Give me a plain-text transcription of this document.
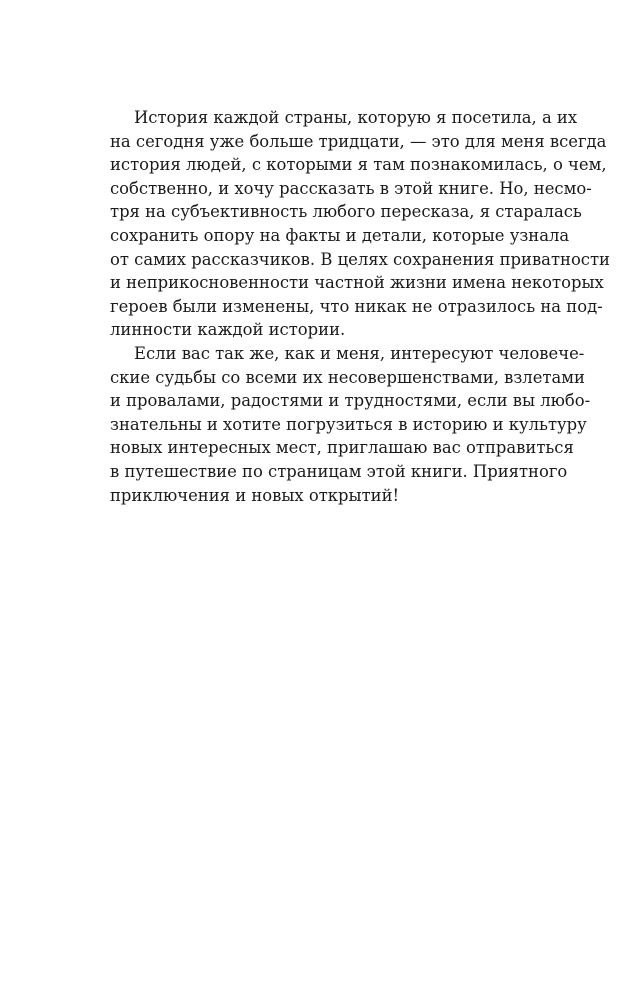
История каждой страны, которую я посетила, а их
на сегодня уже больше тридцати, — это для меня всегда
история людей, с которыми я там познакомилась, о чем,
собственно, и хочу рассказать в этой книге. Но, несмо-
тря на субъективность любого пересказа, я старалась
сохранить опору на факты и детали, которые узнала
от самих рассказчиков. В целях сохранения приватности
и неприкосновенности частной жизни имена некоторых
героев были изменены, что никак не отразилось на под-
линности каждой истории.
Если вас так же, как и меня, интересуют человече-
ские судьбы со всеми их несовершенствами, взлетами
и провалами, радостями и трудностями, если вы любо-
знательны и хотите погрузиться в историю и культуру
новых интересных мест, приглашаю вас отправиться
в путешествие по страницам этой книги. Приятного
приключения и новых открытий!
